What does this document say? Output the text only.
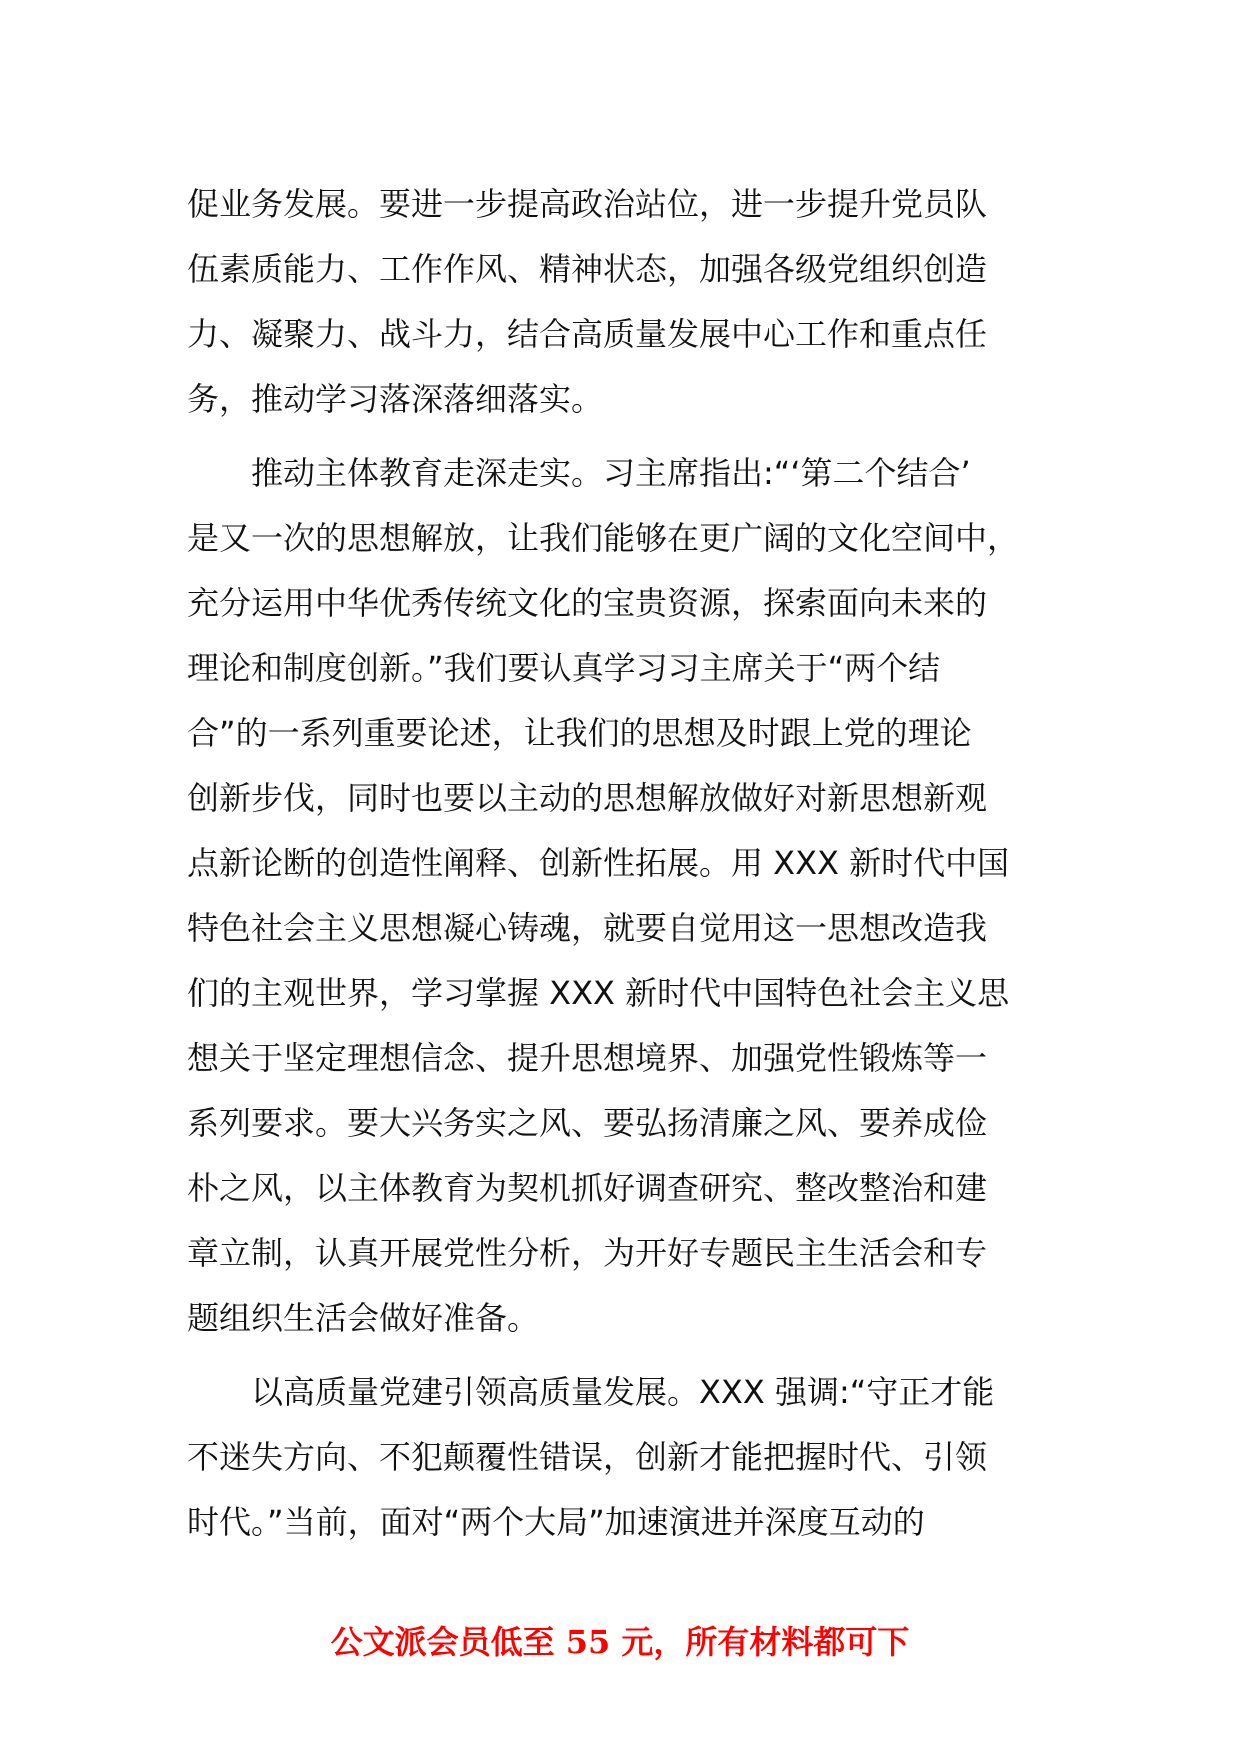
促业务发展。要进一步提高政治站位，进一步提升党员队
伍素质能力、工作作风、精神状态，加强各级党组织创造
力、凝聚力、战斗力，结合高质量发展中心工作和重点任
务，推动学习落深落细落实。
　　推动主体教育走深走实。习主席指出:“‘第二个结合’
是又一次的思想解放，让我们能够在更广阔的文化空间中，
充分运用中华优秀传统文化的宝贵资源，探索面向未来的
理论和制度创新。”我们要认真学习习主席关于“两个结
合”的一系列重要论述，让我们的思想及时跟上党的理论
创新步伐，同时也要以主动的思想解放做好对新思想新观
点新论断的创造性阐释、创新性拓展。用 XXX 新时代中国
特色社会主义思想凝心铸魂，就要自觉用这一思想改造我
们的主观世界，学习掌握 XXX 新时代中国特色社会主义思
想关于坚定理想信念、提升思想境界、加强党性锻炼等一
系列要求。要大兴务实之风、要弘扬清廉之风、要养成俭
朴之风，以主体教育为契机抓好调查研究、整改整治和建
章立制，认真开展党性分析，为开好专题民主生活会和专
题组织生活会做好准备。
　　以高质量党建引领高质量发展。XXX 强调:“守正才能
不迷失方向、不犯颠覆性错误，创新才能把握时代、引领
时代。”当前，面对“两个大局”加速演进并深度互动的
公文派会员低至 55 元，所有材料都可下
